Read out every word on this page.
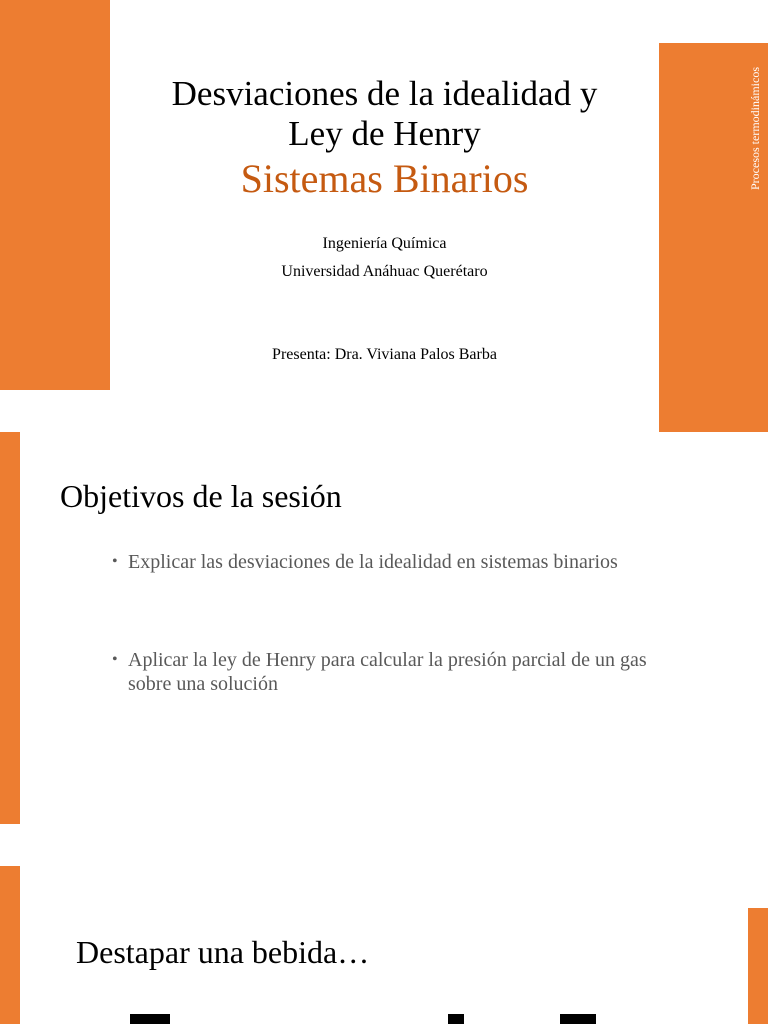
Procesos termodinámicos
Desviaciones de la idealidad y
Ley de Henry
Sistemas Binarios
Ingeniería Química
Universidad Anáhuac Querétaro
Presenta: Dra. Viviana Palos Barba
Objetivos de la sesión
• Explicar las desviaciones de la idealidad en sistemas binarios
• Aplicar la ley de Henry para calcular la presión parcial de un gas sobre una solución
Destapar una bebida…
